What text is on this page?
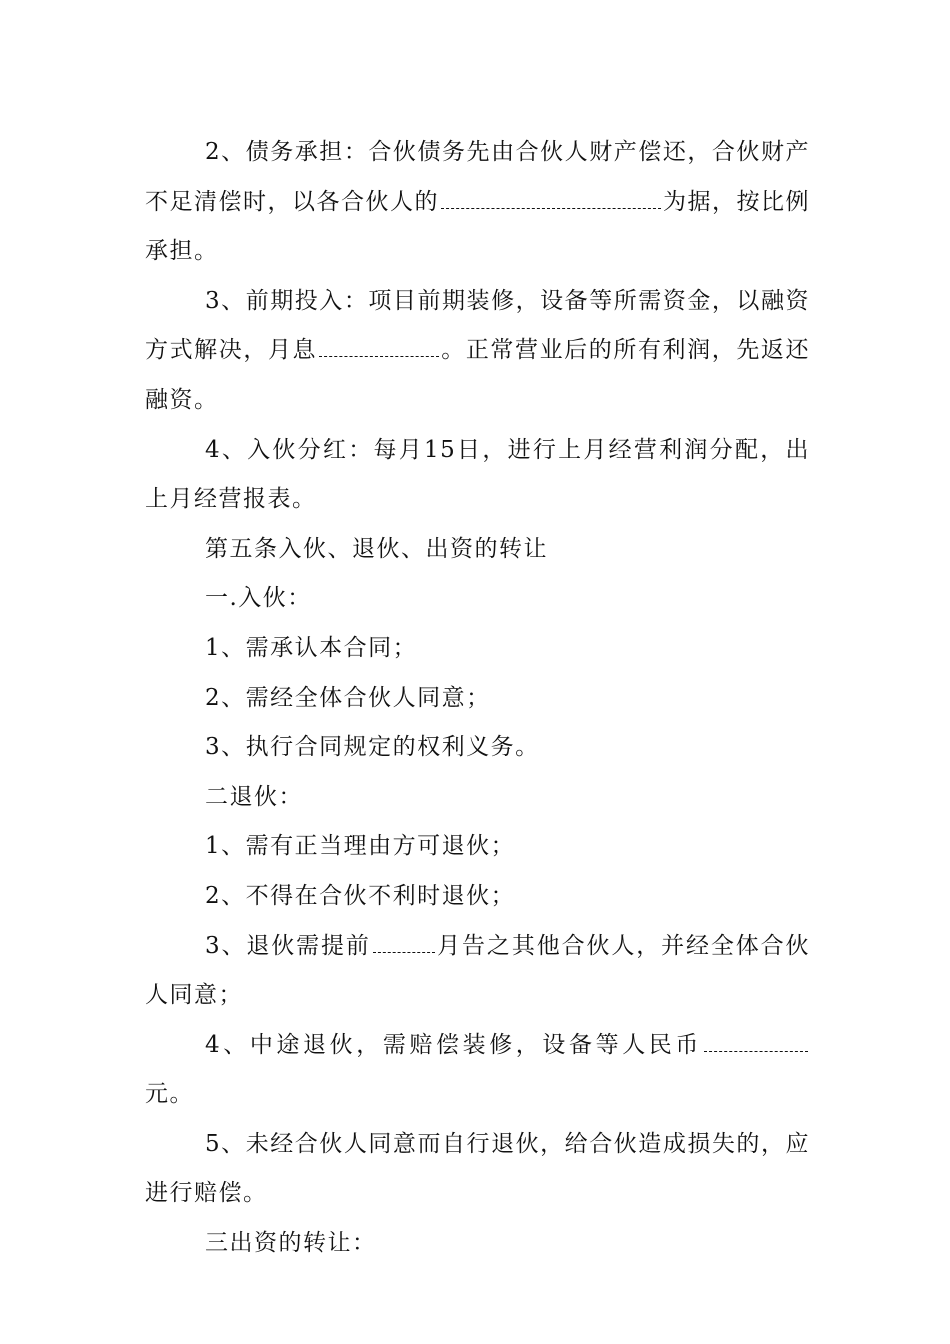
2、债务承担：合伙债务先由合伙人财产偿还，合伙财产不足清偿时，以各合伙人的	为据，按比例承担。

3、前期投入：项目前期装修，设备等所需资金，以融资方式解决，月息	。正常营业后的所有利润，先返还融资。

4、入伙分红：每月15日，进行上月经营利润分配，出上月经营报表。

第五条入伙、退伙、出资的转让

一.入伙：

1、需承认本合同；

2、需经全体合伙人同意；

3、执行合同规定的权利义务。

二退伙：

1、需有正当理由方可退伙；

2、不得在合伙不利时退伙；

3、退伙需提前	月告之其他合伙人，并经全体合伙人同意；

4、中途退伙，需赔偿装修，设备等人民币元。

5、未经合伙人同意而自行退伙，给合伙造成损失的，应进行赔偿。

三出资的转让：
